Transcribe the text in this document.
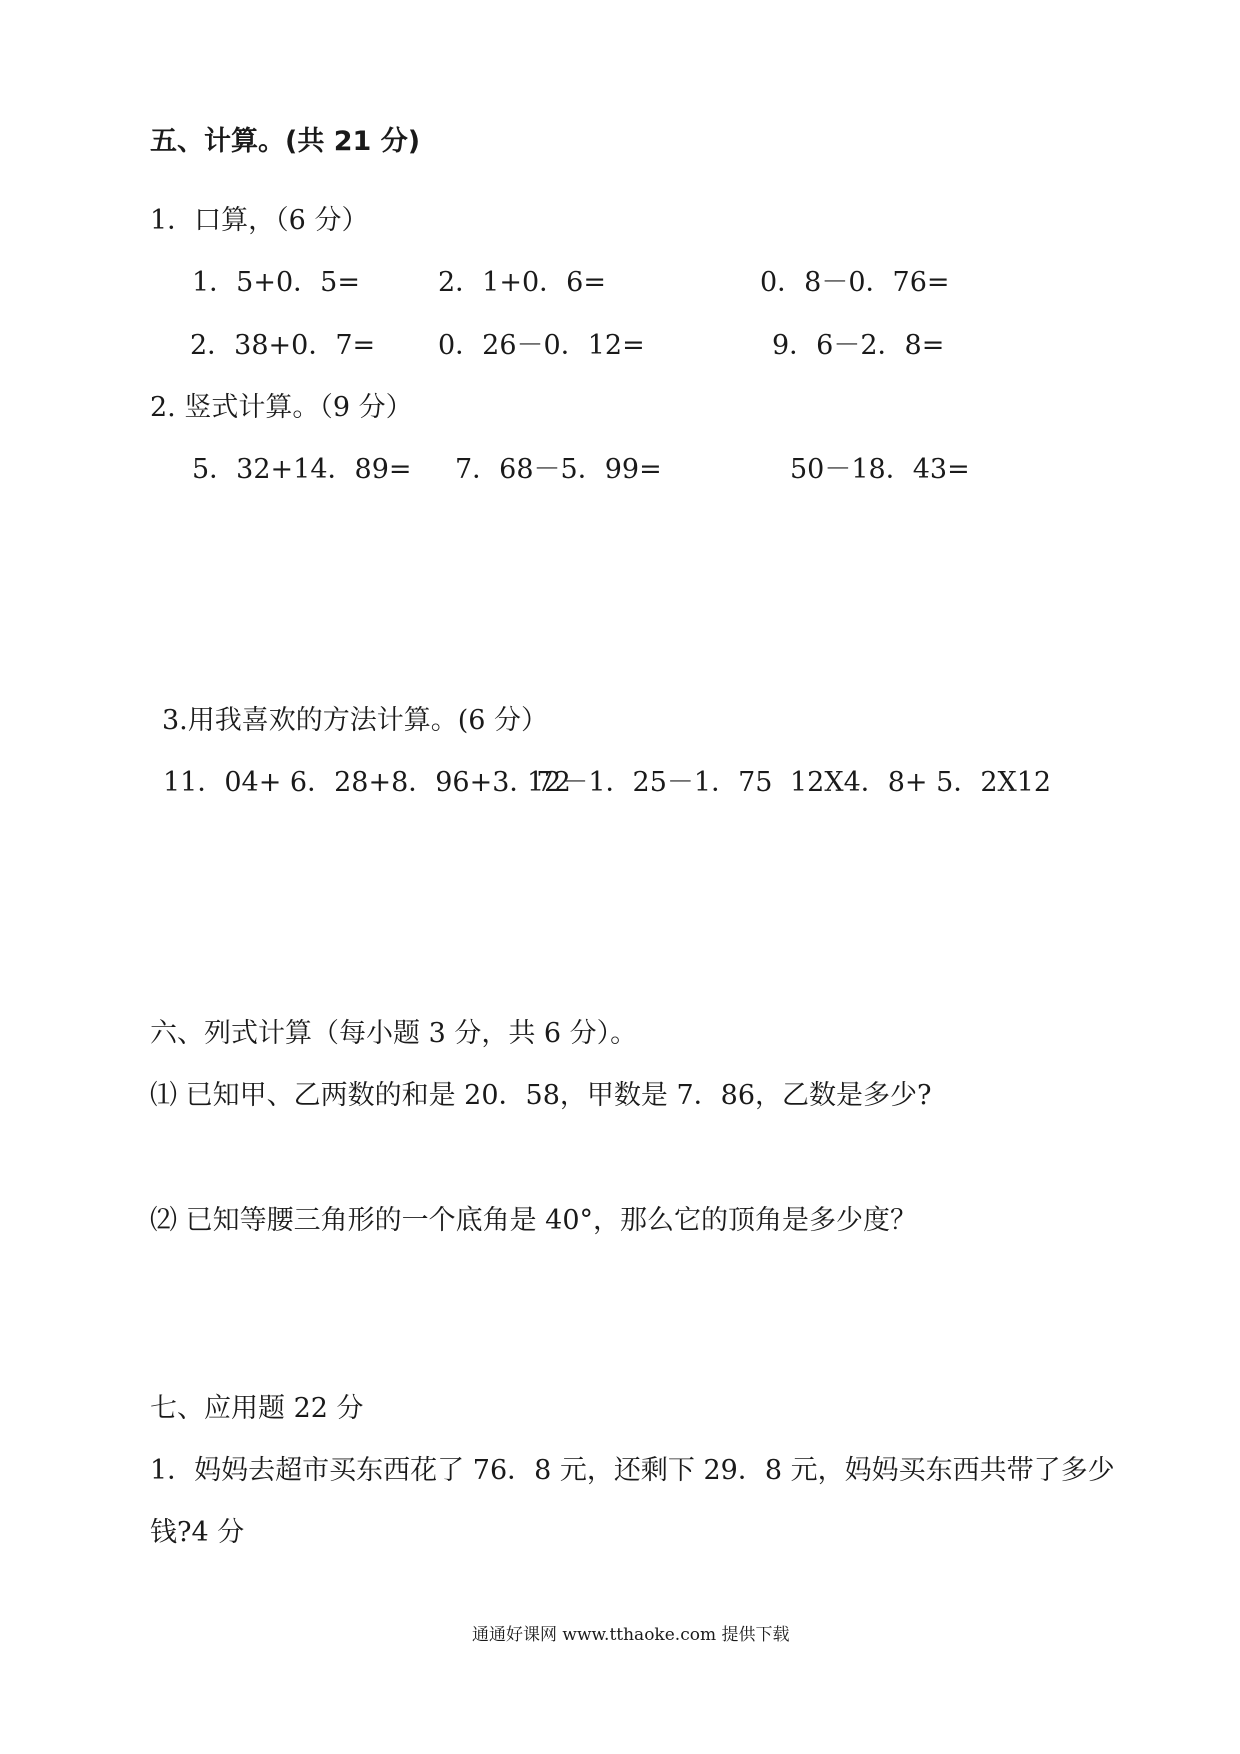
五、计算。(共 21 分)
1．口算，（6 分）
1．5+0．5=	2．1+0．6=	0．8－0．76=
2．38+0．7= 0．26－0．12=	9．6－2．8=
2. 竖式计算。（9 分）
5．32+14．89= 7．68－5．99=	50－18．43=
3.用我喜欢的方法计算。(6 分）
11．04+ 6．28+8．96+3．72
12－1．25－1．75 12X4．8+ 5．2X12
六、列式计算（每小题 3 分，共 6 分）。
⑴ 已知甲、乙两数的和是 20．58，甲数是 7．86，乙数是多少?
⑵ 已知等腰三角形的一个底角是 40°，那么它的顶角是多少度？
七、应用题 22 分
1．妈妈去超市买东西花了 76．8 元，还剩下 29．8 元，妈妈买东西共带了多少
钱?4 分
通通好课网 www.tthaoke.com 提供下载
